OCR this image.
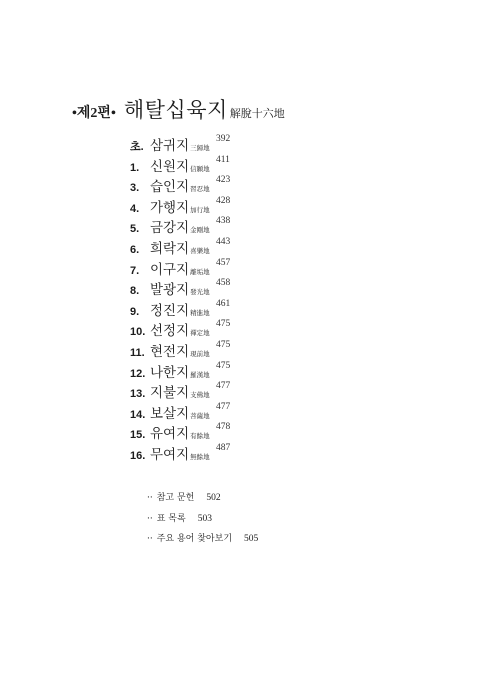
•제2편• 해탈십육지 解脫十六地
초. 삼귀지 三歸地
392
1. 신원지 信願地
411
3. 습인지 習忍地
423
4. 가행지 加行地
428
5. 금강지 金剛地
438
6. 희락지 喜樂地
443
7. 이구지 離垢地
457
8. 발광지 發光地
458
9. 정진지 精進地
461
10. 선정지 禪定地
475
11. 현전지 現前地
475
12. 나한지 羅漢地
475
13. 지불지 支佛地
477
14. 보살지 菩薩地
477
15. 유여지 有餘地
478
16. 무여지 無餘地
487
·· 참고 문헌 502
·· 표 목록 503
·· 주요 용어 찾아보기 505
